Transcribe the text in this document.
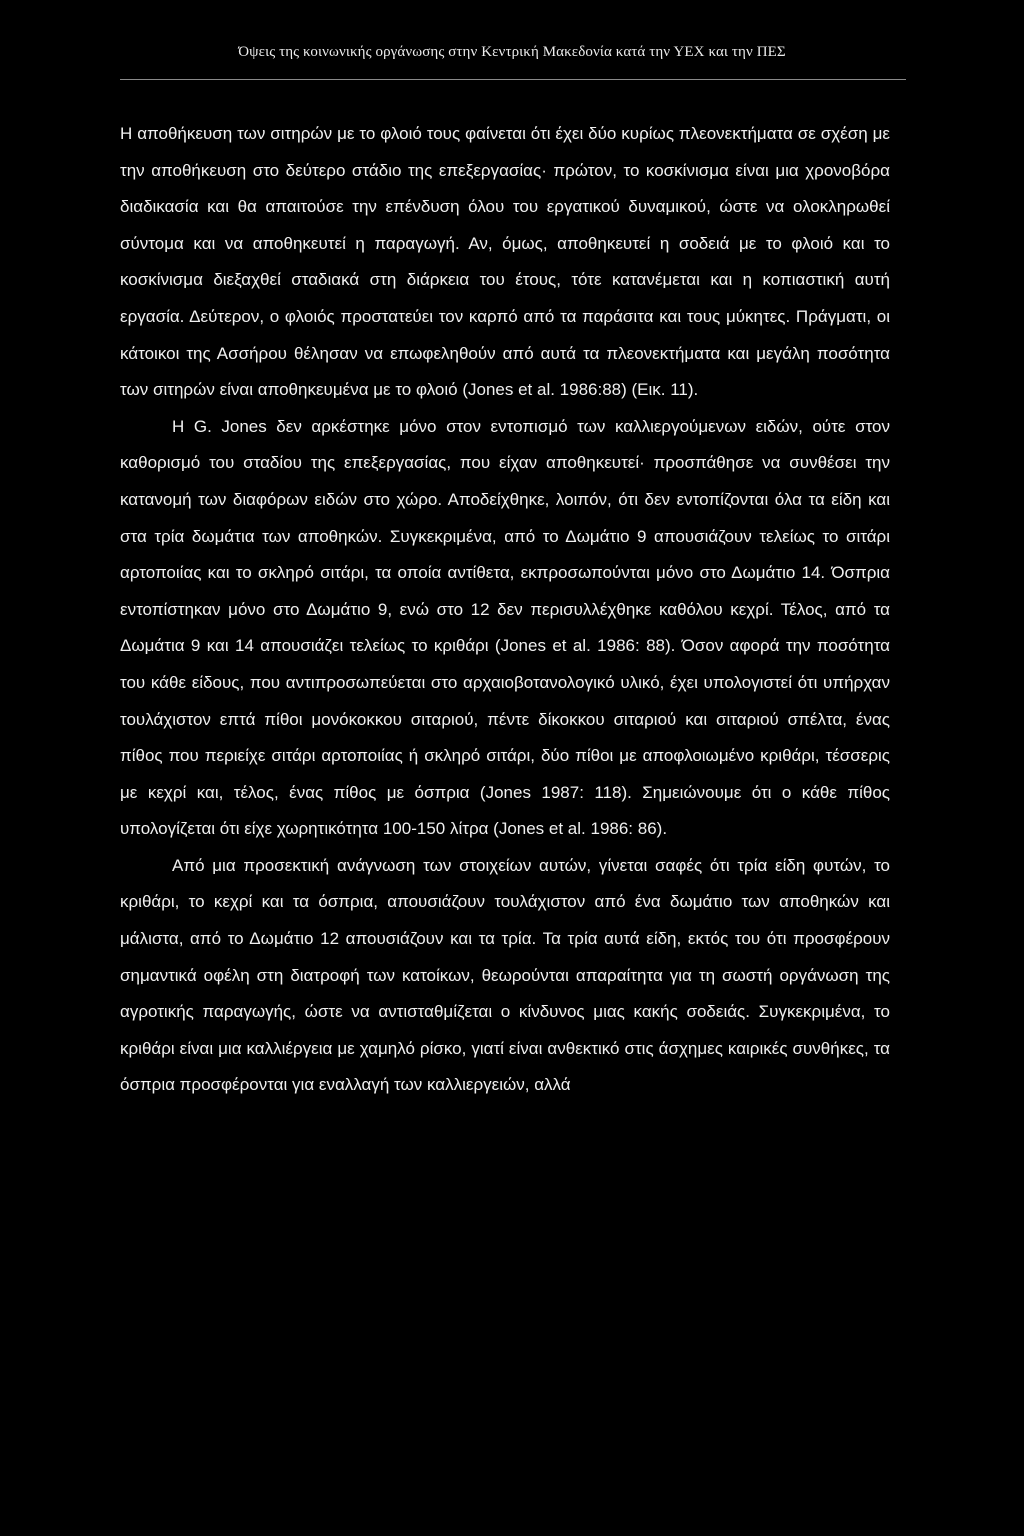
Όψεις της κοινωνικής οργάνωσης στην Κεντρική Μακεδονία κατά την ΥΕΧ και την ΠΕΣ

Η αποθήκευση των σιτηρών με το φλοιό τους φαίνεται ότι έχει δύο κυρίως πλεονεκτήματα σε σχέση με την αποθήκευση στο δεύτερο στάδιο της επεξεργασίας· πρώτον, το κοσκίνισμα είναι μια χρονοβόρα διαδικασία και θα απαιτούσε την επένδυση όλου του εργατικού δυναμικού, ώστε να ολοκληρωθεί σύντομα και να αποθηκευτεί η παραγωγή. Αν, όμως, αποθηκευτεί η σοδειά με το φλοιό και το κοσκίνισμα διεξαχθεί σταδιακά στη διάρκεια του έτους, τότε κατανέμεται και η κοπιαστική αυτή εργασία. Δεύτερον, ο φλοιός προστατεύει τον καρπό από τα παράσιτα και τους μύκητες. Πράγματι, οι κάτοικοι της Ασσήρου θέλησαν να επωφεληθούν από αυτά τα πλεονεκτήματα και μεγάλη ποσότητα των σιτηρών είναι αποθηκευμένα με το φλοιό (Jones et al. 1986:88) (Εικ. 11).

Η G. Jones δεν αρκέστηκε μόνο στον εντοπισμό των καλλιεργούμενων ειδών, ούτε στον καθορισμό του σταδίου της επεξεργασίας, που είχαν αποθηκευτεί· προσπάθησε να συνθέσει την κατανομή των διαφόρων ειδών στο χώρο. Αποδείχθηκε, λοιπόν, ότι δεν εντοπίζονται όλα τα είδη και στα τρία δωμάτια των αποθηκών. Συγκεκριμένα, από το Δωμάτιο 9 απουσιάζουν τελείως το σιτάρι αρτοποιίας και το σκληρό σιτάρι, τα οποία αντίθετα, εκπροσωπούνται μόνο στο Δωμάτιο 14. Όσπρια εντοπίστηκαν μόνο στο Δωμάτιο 9, ενώ στο 12 δεν περισυλλέχθηκε καθόλου κεχρί. Τέλος, από τα Δωμάτια 9 και 14 απουσιάζει τελείως το κριθάρι (Jones et al. 1986: 88). Όσον αφορά την ποσότητα του κάθε είδους, που αντιπροσωπεύεται στο αρχαιοβοτανολογικό υλικό, έχει υπολογιστεί ότι υπήρχαν τουλάχιστον επτά πίθοι μονόκοκκου σιταριού, πέντε δίκοκκου σιταριού και σιταριού σπέλτα, ένας πίθος που περιείχε σιτάρι αρτοποιίας ή σκληρό σιτάρι, δύο πίθοι με αποφλοιωμένο κριθάρι, τέσσερις με κεχρί και, τέλος, ένας πίθος με όσπρια (Jones 1987: 118). Σημειώνουμε ότι ο κάθε πίθος υπολογίζεται ότι είχε χωρητικότητα 100-150 λίτρα (Jones et al. 1986: 86).

Από μια προσεκτική ανάγνωση των στοιχείων αυτών, γίνεται σαφές ότι τρία είδη φυτών, το κριθάρι, το κεχρί και τα όσπρια, απουσιάζουν τουλάχιστον από ένα δωμάτιο των αποθηκών και μάλιστα, από το Δωμάτιο 12 απουσιάζουν και τα τρία. Τα τρία αυτά είδη, εκτός του ότι προσφέρουν σημαντικά οφέλη στη διατροφή των κατοίκων, θεωρούνται απαραίτητα για τη σωστή οργάνωση της αγροτικής παραγωγής, ώστε να αντισταθμίζεται ο κίνδυνος μιας κακής σοδειάς. Συγκεκριμένα, το κριθάρι είναι μια καλλιέργεια με χαμηλό ρίσκο, γιατί είναι ανθεκτικό στις άσχημες καιρικές συνθήκες, τα όσπρια προσφέρονται για εναλλαγή των καλλιεργειών, αλλά
